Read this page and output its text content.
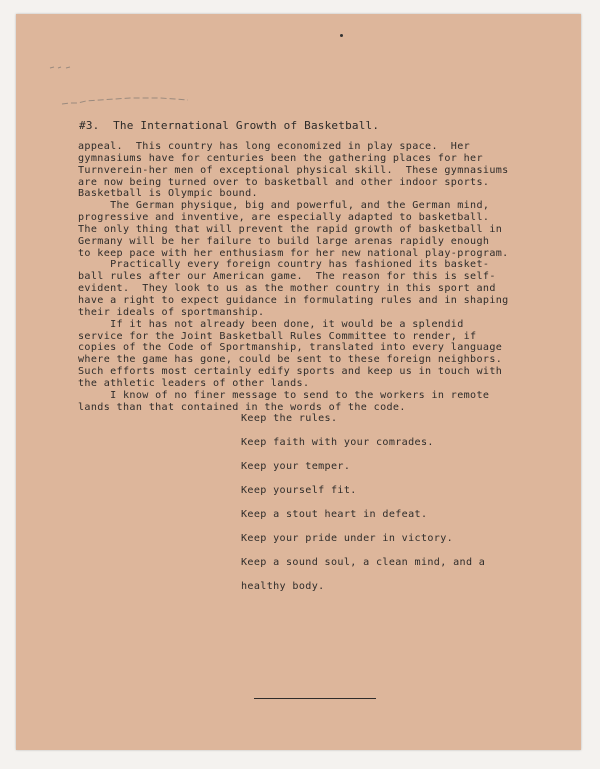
#3.  The International Growth of Basketball.
appeal.  This country has long economized in play space.  Her
gymnasiums have for centuries been the gathering places for her
Turnverein-her men of exceptional physical skill.  These gymnasiums
are now being turned over to basketball and other indoor sports.
Basketball is Olympic bound.
The German physique, big and powerful, and the German mind,
progressive and inventive, are especially adapted to basketball.
The only thing that will prevent the rapid growth of basketball in
Germany will be her failure to build large arenas rapidly enough
to keep pace with her enthusiasm for her new national play-program.
Practically every foreign country has fashioned its basket-
ball rules after our American game.  The reason for this is self-
evident.  They look to us as the mother country in this sport and
have a right to expect guidance in formulating rules and in shaping
their ideals of sportmanship.
If it has not already been done, it would be a splendid
service for the Joint Basketball Rules Committee to render, if
copies of the Code of Sportmanship, translated into every language
where the game has gone, could be sent to these foreign neighbors.
Such efforts most certainly edify sports and keep us in touch with
the athletic leaders of other lands.
I know of no finer message to send to the workers in remote
lands than that contained in the words of the code.
Keep the rules.
Keep faith with your comrades.
Keep your temper.
Keep yourself fit.
Keep a stout heart in defeat.
Keep your pride under in victory.
Keep a sound soul, a clean mind, and a
healthy body.
